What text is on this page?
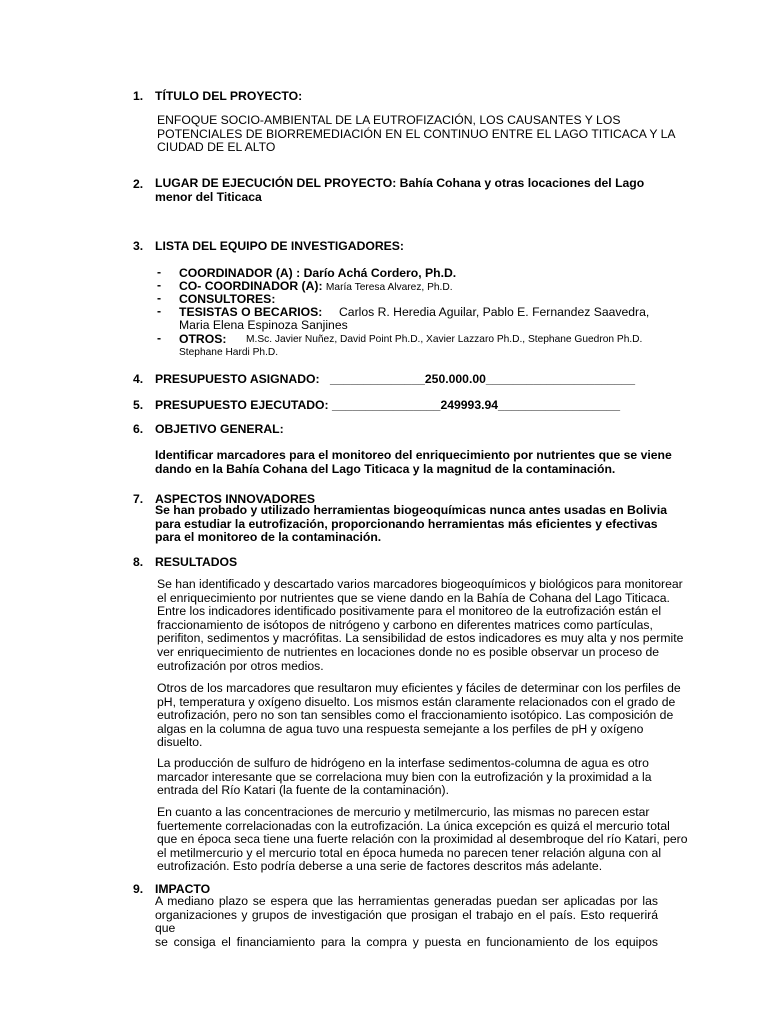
1. TÍTULO DEL PROYECTO:
ENFOQUE SOCIO-AMBIENTAL DE LA EUTROFIZACIÓN, LOS CAUSANTES Y LOS
POTENCIALES DE BIORREMEDIACIÓN EN EL CONTINUO ENTRE EL LAGO TITICACA Y LA
CIUDAD DE EL ALTO
2. LUGAR DE EJECUCIÓN DEL PROYECTO: Bahía Cohana y otras locaciones del Lago
menor del Titicaca
3. LISTA DEL EQUIPO DE INVESTIGADORES:
- COORDINADOR (A) : Darío Achá Cordero, Ph.D.
- CO- COORDINADOR (A): María Teresa Alvarez, Ph.D.
- CONSULTORES:
- TESISTAS O BECARIOS: Carlos R. Heredia Aguilar, Pablo E. Fernandez Saavedra,
Maria Elena Espinoza Sanjines
- OTROS: M.Sc. Javier Nuñez, David Point Ph.D., Xavier Lazzaro Ph.D., Stephane Guedron Ph.D.
Stephane Hardi Ph.D.
4. PRESUPUESTO ASIGNADO: ______________250.000.00______________________
5. PRESUPUESTO EJECUTADO: ________________249993.94__________________
6. OBJETIVO GENERAL:
Identificar marcadores para el monitoreo del enriquecimiento por nutrientes que se viene
dando en la Bahía Cohana del Lago Titicaca y la magnitud de la contaminación.
7. ASPECTOS INNOVADORES
Se han probado y utilizado herramientas biogeoquímicas nunca antes usadas en Bolivia
para estudiar la eutrofización, proporcionando herramientas más eficientes y efectivas
para el monitoreo de la contaminación.
8. RESULTADOS
Se han identificado y descartado varios marcadores biogeoquímicos y biológicos para monitorear
el enriquecimiento por nutrientes que se viene dando en la Bahía de Cohana del Lago Titicaca.
Entre los indicadores identificado positivamente para el monitoreo de la eutrofización están el
fraccionamiento de isótopos de nitrógeno y carbono en diferentes matrices como partículas,
perifiton, sedimentos y macrófitas. La sensibilidad de estos indicadores es muy alta y nos permite
ver enriquecimiento de nutrientes en locaciones donde no es posible observar un proceso de
eutrofización por otros medios.
Otros de los marcadores que resultaron muy eficientes y fáciles de determinar con los perfiles de
pH, temperatura y oxígeno disuelto. Los mismos están claramente relacionados con el grado de
eutrofización, pero no son tan sensibles como el fraccionamiento isotópico. Las composición de
algas en la columna de agua tuvo una respuesta semejante a los perfiles de pH y oxígeno
disuelto.
La producción de sulfuro de hidrógeno en la interfase sedimentos-columna de agua es otro
marcador interesante que se correlaciona muy bien con la eutrofización y la proximidad a la
entrada del Río Katari (la fuente de la contaminación).
En cuanto a las concentraciones de mercurio y metilmercurio, las mismas no parecen estar
fuertemente correlacionadas con la eutrofización. La única excepción es quizá el mercurio total
que en época seca tiene una fuerte relación con la proximidad al desembroque del río Katari, pero
el metilmercurio y el mercurio total en época humeda no parecen tener relación alguna con al
eutrofización. Esto podría deberse a una serie de factores descritos más adelante.
9. IMPACTO
A mediano plazo se espera que las herramientas generadas puedan ser aplicadas por las
organizaciones y grupos de investigación que prosigan el trabajo en el país. Esto requerirá que
se consiga el financiamiento para la compra y puesta en funcionamiento de los equipos
